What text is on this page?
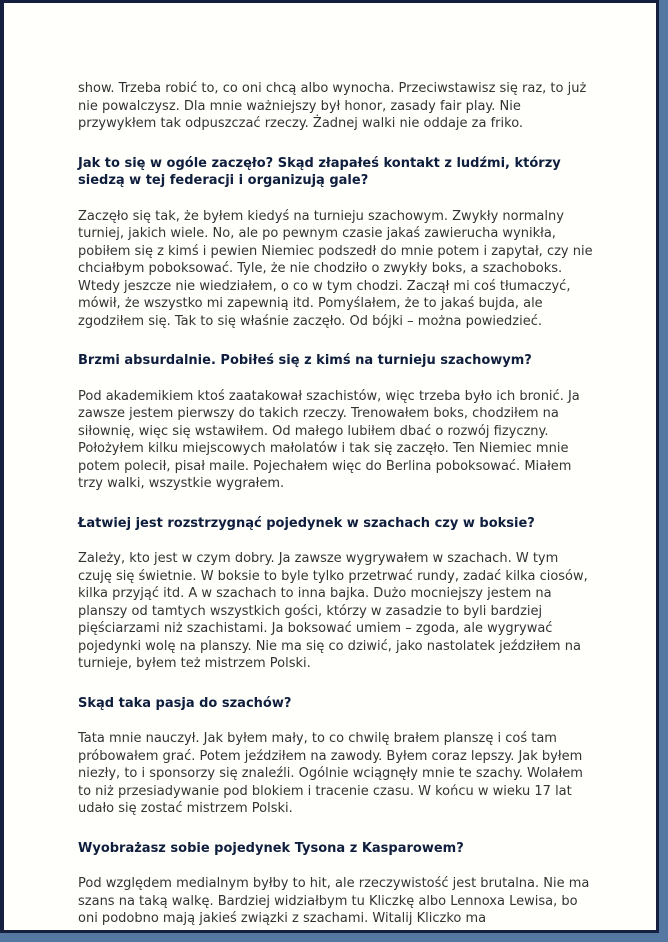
show. Trzeba robić to, co oni chcą albo wynocha. Przeciwstawisz się raz, to już nie powalczysz. Dla mnie ważniejszy był honor, zasady fair play. Nie przywykłem tak odpuszczać rzeczy. Żadnej walki nie oddaje za friko.

Jak to się w ogóle zaczęło? Skąd złapałeś kontakt z ludźmi, którzy siedzą w tej federacji i organizują gale?

Zaczęło się tak, że byłem kiedyś na turnieju szachowym. Zwykły normalny turniej, jakich wiele. No, ale po pewnym czasie jakaś zawierucha wynikła, pobiłem się z kimś i pewien Niemiec podszedł do mnie potem i zapytał, czy nie chciałbym poboksować. Tyle, że nie chodziło o zwykły boks, a szachoboks. Wtedy jeszcze nie wiedziałem, o co w tym chodzi. Zaczął mi coś tłumaczyć, mówił, że wszystko mi zapewnią itd. Pomyślałem, że to jakaś bujda, ale zgodziłem się. Tak to się właśnie zaczęło. Od bójki – można powiedzieć.

Brzmi absurdalnie. Pobiłeś się z kimś na turnieju szachowym?

Pod akademikiem ktoś zaatakował szachistów, więc trzeba było ich bronić. Ja zawsze jestem pierwszy do takich rzeczy. Trenowałem boks, chodziłem na siłownię, więc się wstawiłem. Od małego lubiłem dbać o rozwój fizyczny. Położyłem kilku miejscowych małolatów i tak się zaczęło. Ten Niemiec mnie potem polecił, pisał maile. Pojechałem więc do Berlina poboksować. Miałem trzy walki, wszystkie wygrałem.

Łatwiej jest rozstrzygnąć pojedynek w szachach czy w boksie?

Zależy, kto jest w czym dobry. Ja zawsze wygrywałem w szachach. W tym czuję się świetnie. W boksie to byle tylko przetrwać rundy, zadać kilka ciosów, kilka przyjąć itd. A w szachach to inna bajka. Dużo mocniejszy jestem na planszy od tamtych wszystkich gości, którzy w zasadzie to byli bardziej pięściarzami niż szachistami. Ja boksować umiem – zgoda, ale wygrywać pojedynki wolę na planszy. Nie ma się co dziwić, jako nastolatek jeździłem na turnieje, byłem też mistrzem Polski.

Skąd taka pasja do szachów?

Tata mnie nauczył. Jak byłem mały, to co chwilę brałem planszę i coś tam próbowałem grać. Potem jeździłem na zawody. Byłem coraz lepszy. Jak byłem niezły, to i sponsorzy się znaleźli. Ogólnie wciągnęły mnie te szachy. Wolałem to niż przesiadywanie pod blokiem i tracenie czasu. W końcu w wieku 17 lat udało się zostać mistrzem Polski.

Wyobrażasz sobie pojedynek Tysona z Kasparowem?

Pod względem medialnym byłby to hit, ale rzeczywistość jest brutalna. Nie ma szans na taką walkę. Bardziej widziałbym tu Kliczkę albo Lennoxa Lewisa, bo oni podobno mają jakieś związki z szachami. Witalij Kliczko ma
